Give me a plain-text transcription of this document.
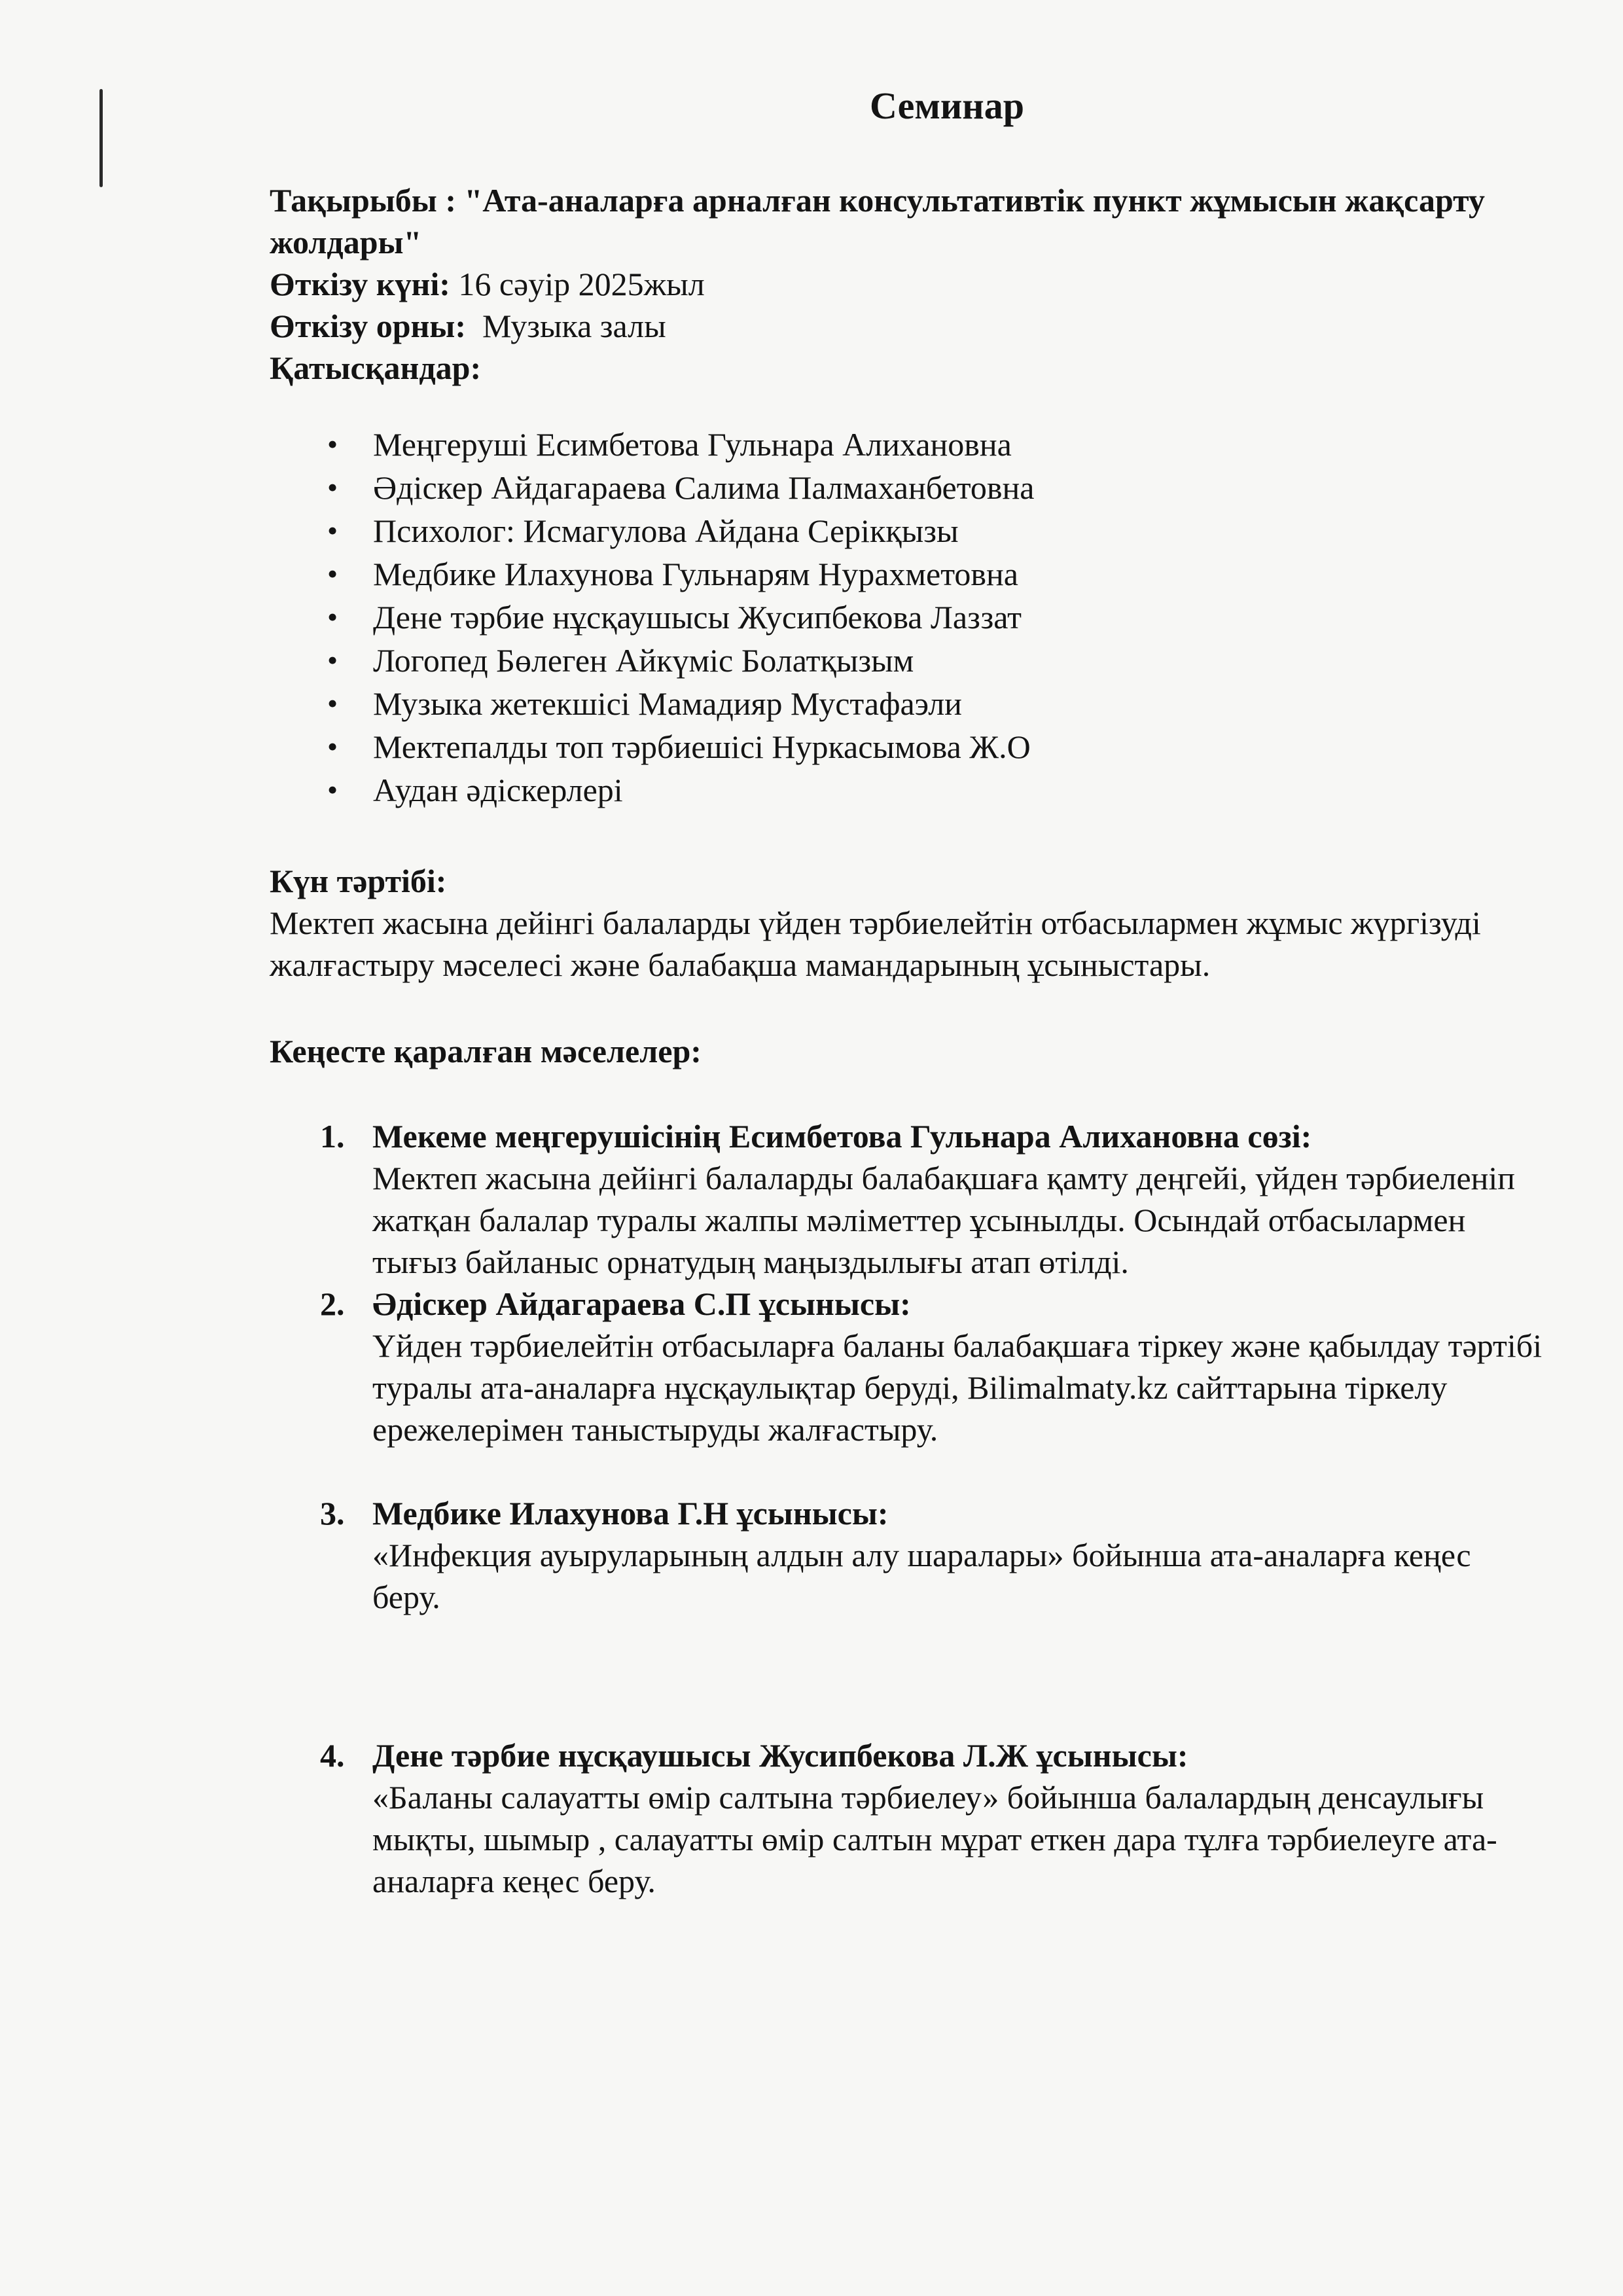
Семинар

Тақырыбы : "Ата-аналарға арналған консультативтік пункт жұмысын жақсарту жолдары"

Өткізу күні: 16 сәуір 2025жыл

Өткізу орны: Музыка залы

Қатысқандар:

• Меңгеруші Есимбетова Гульнара Алихановна
• Әдіскер Айдагараева Салима Палмаханбетовна
• Психолог: Исмагулова Айдана Серікқызы
• Медбике Илахунова Гульнарям Нурахметовна
• Дене тәрбие нұсқаушысы Жусипбекова Лаззат
• Логопед Бөлеген Айкүміс Болатқызым
• Музыка жетекшісі Мамадияр Мустафаэли
• Мектепалды топ тәрбиешісі Нуркасымова Ж.О
• Аудан әдіскерлері

Күн тәртібі:

Мектеп жасына дейінгі балаларды үйден тәрбиелейтін отбасылармен жұмыс жүргізуді жалғастыру мәселесі және балабақша мамандарының ұсыныстары.

Кеңесте қаралған мәселелер:

1. Мекеме меңгерушісінің Есимбетова Гульнара Алихановна сөзі:
Мектеп жасына дейінгі балаларды балабақшаға қамту деңгейі, үйден тәрбиеленіп жатқан балалар туралы жалпы мәліметтер ұсынылды. Осындай отбасылармен тығыз байланыс орнатудың маңыздылығы атап өтілді.
2. Әдіскер Айдагараева С.П ұсынысы:
Үйден тәрбиелейтін отбасыларға баланы балабақшаға тіркеу және қабылдау тәртібі туралы ата-аналарға нұсқаулықтар беруді, Bilimalmaty.kz сайттарына тіркелу ережелерімен таныстыруды жалғастыру.
3. Медбике Илахунова Г.Н ұсынысы:
«Инфекция ауыруларының алдын алу шаралары» бойынша ата-аналарға кеңес беру.
4. Дене тәрбие нұсқаушысы Жусипбекова Л.Ж ұсынысы:
«Баланы салауатты өмір салтына тәрбиелеу» бойынша балалардың денсаулығы мықты, шымыр , салауатты өмір салтын мұрат еткен дара тұлға тәрбиелеуге ата-аналарға кеңес беру.
